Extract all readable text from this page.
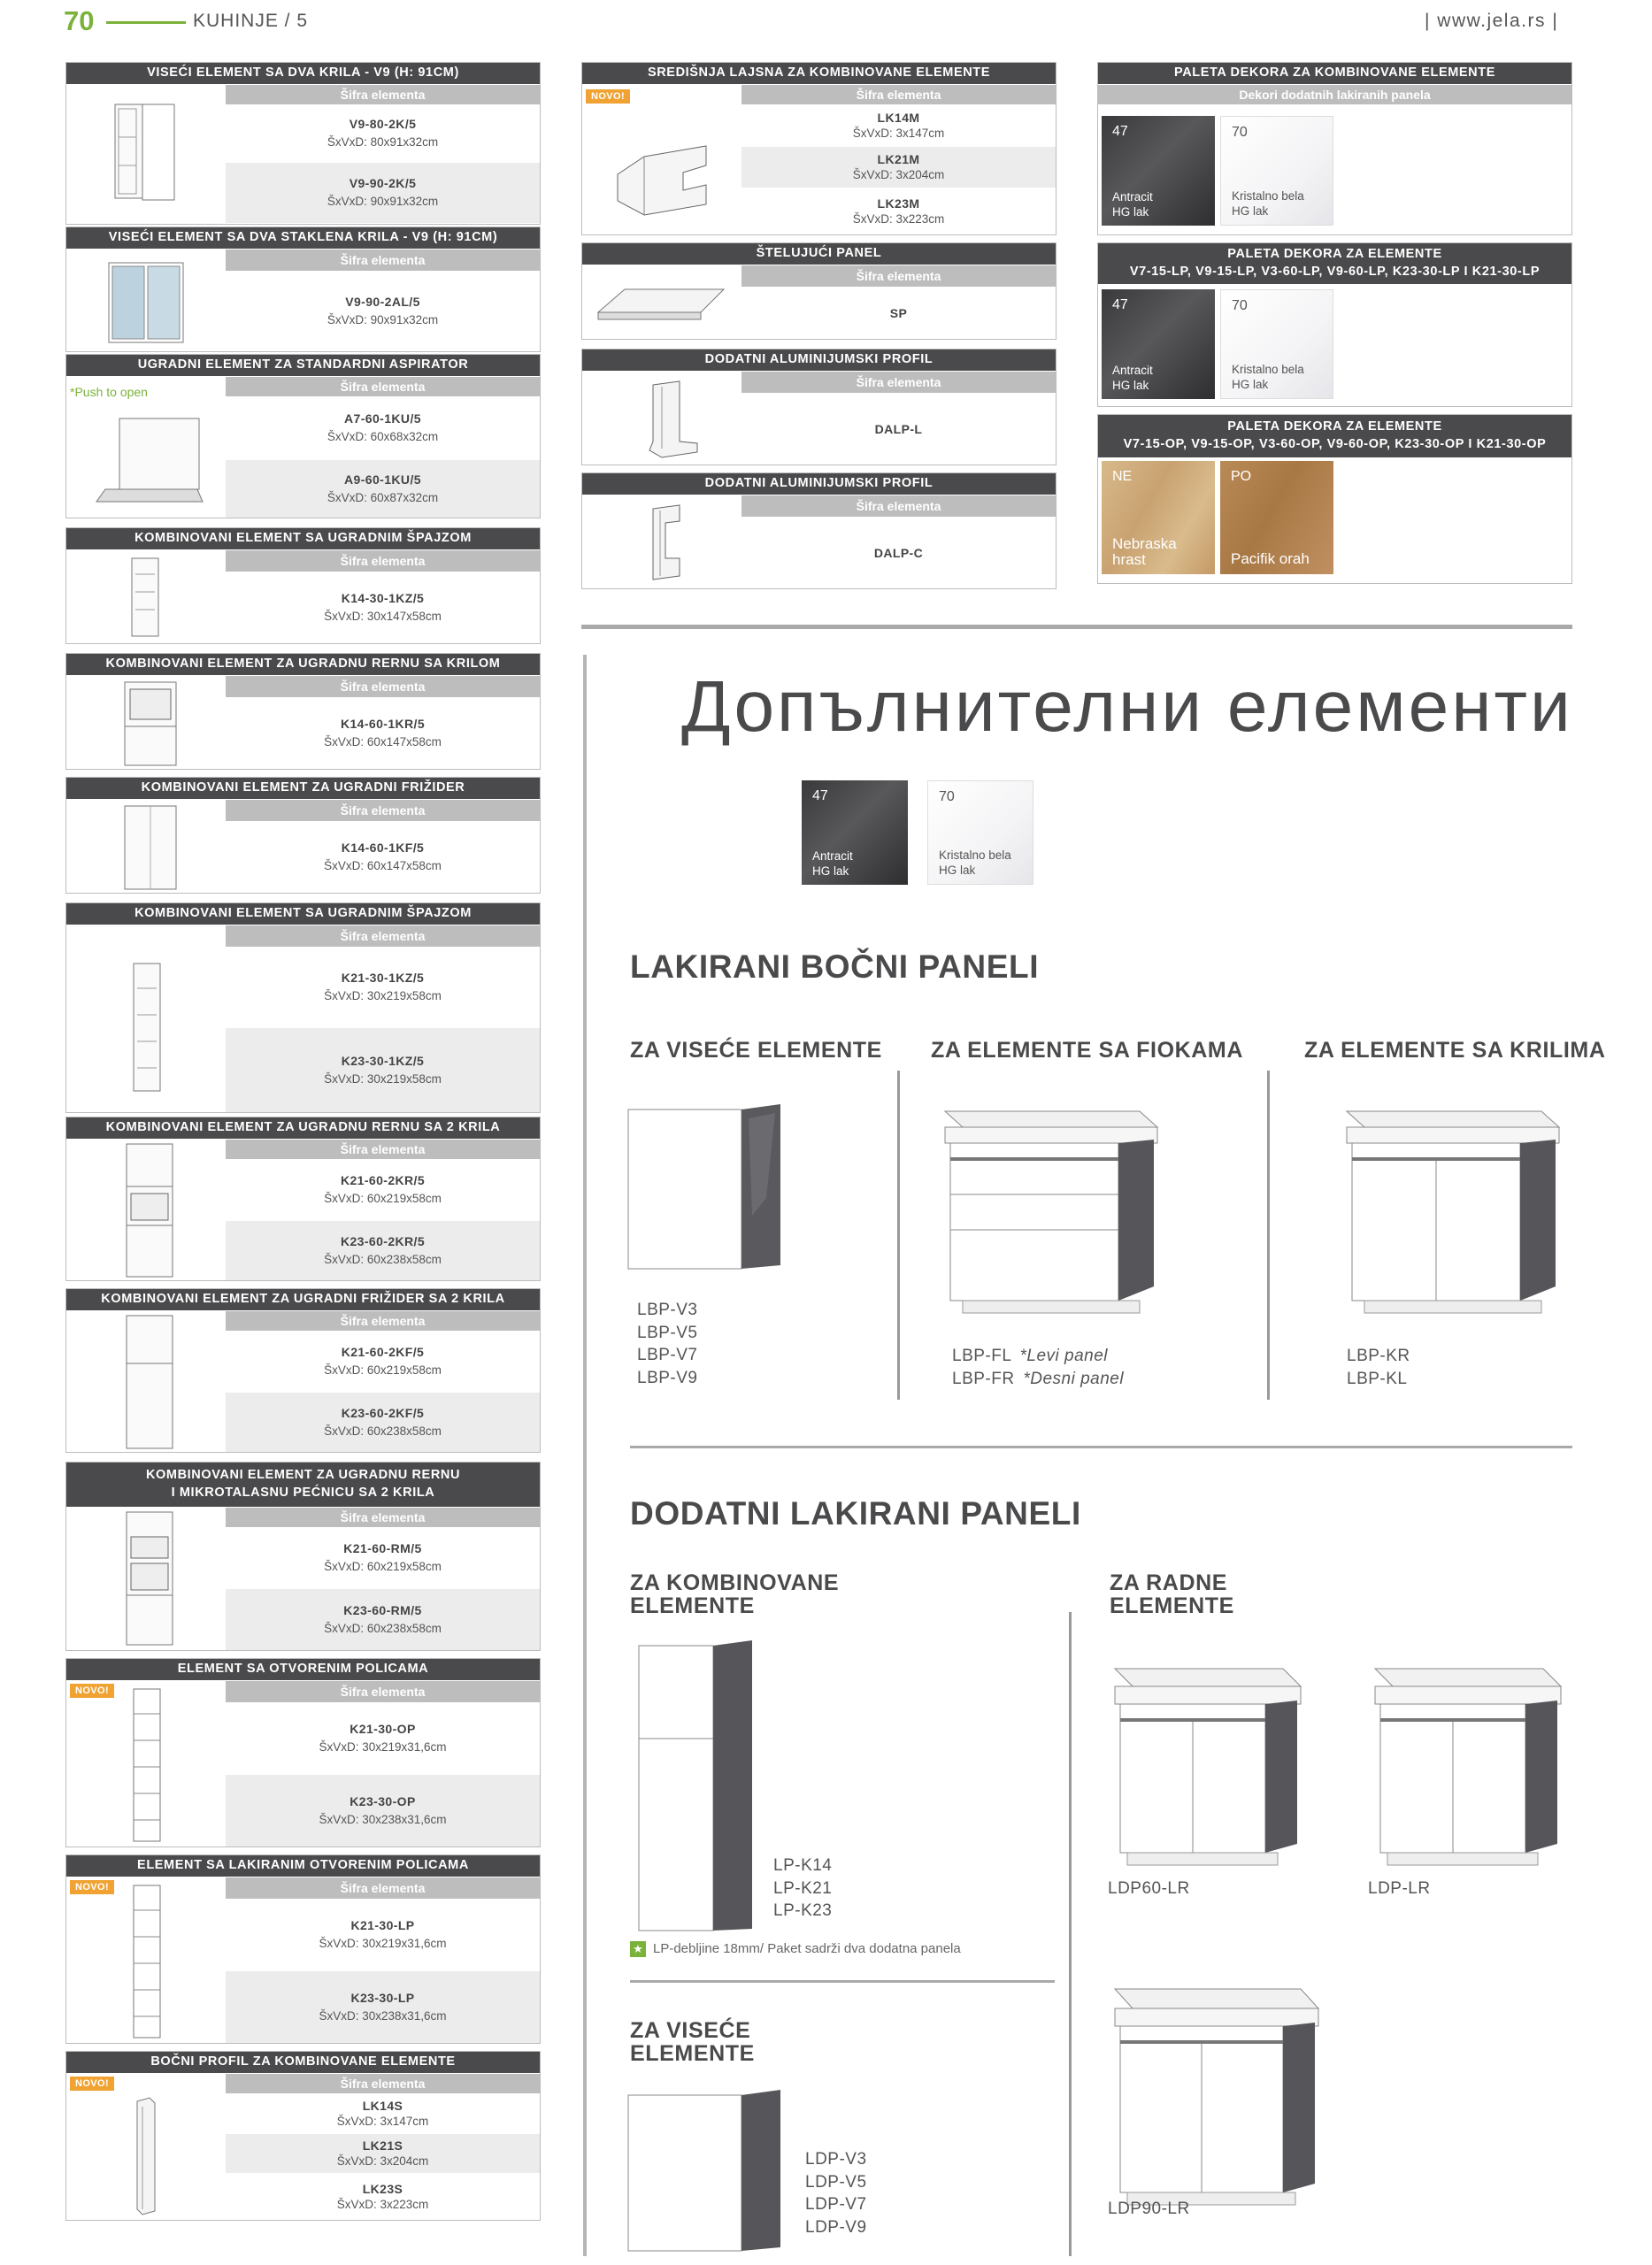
70	KUHINJE / 5	| www.jela.rs |
VISEĆI ELEMENT SA DVA KRILA - V9 (H: 91CM)
Šifra elementa
V9-80-2K/5
ŠxVxD: 80x91x32cm
V9-90-2K/5
ŠxVxD: 90x91x32cm
VISEĆI ELEMENT SA DVA STAKLENA KRILA - V9 (H: 91CM)
Šifra elementa
V9-90-2AL/5
ŠxVxD: 90x91x32cm
UGRADNI ELEMENT ZA STANDARDNI ASPIRATOR
*Push to open	Šifra elementa
A7-60-1KU/5
ŠxVxD: 60x68x32cm
A9-60-1KU/5
ŠxVxD: 60x87x32cm
KOMBINOVANI ELEMENT SA UGRADNIM ŠPAJZOM
Šifra elementa
K14-30-1KZ/5
ŠxVxD: 30x147x58cm
KOMBINOVANI ELEMENT ZA UGRADNU RERNU SA KRILOM
Šifra elementa
K14-60-1KR/5
ŠxVxD: 60x147x58cm
KOMBINOVANI ELEMENT ZA UGRADNI FRIŽIDER
Šifra elementa
K14-60-1KF/5
ŠxVxD: 60x147x58cm
KOMBINOVANI ELEMENT SA UGRADNIM ŠPAJZOM
Šifra elementa
K21-30-1KZ/5
ŠxVxD: 30x219x58cm
K23-30-1KZ/5
ŠxVxD: 30x219x58cm
KOMBINOVANI ELEMENT ZA UGRADNU RERNU SA 2 KRILA
Šifra elementa
K21-60-2KR/5
ŠxVxD: 60x219x58cm
K23-60-2KR/5
ŠxVxD: 60x238x58cm
KOMBINOVANI ELEMENT ZA UGRADNI FRIŽIDER SA 2 KRILA
Šifra elementa
K21-60-2KF/5
ŠxVxD: 60x219x58cm
K23-60-2KF/5
ŠxVxD: 60x238x58cm
KOMBINOVANI ELEMENT ZA UGRADNU RERNU
I MIKROTALASNU PEĆNICU SA 2 KRILA
Šifra elementa
K21-60-RM/5
ŠxVxD: 60x219x58cm
K23-60-RM/5
ŠxVxD: 60x238x58cm
ELEMENT SA OTVORENIM POLICAMA
NOVO!	Šifra elementa
K21-30-OP
ŠxVxD: 30x219x31,6cm
K23-30-OP
ŠxVxD: 30x238x31,6cm
ELEMENT SA LAKIRANIM OTVORENIM POLICAMA
NOVO!	Šifra elementa
K21-30-LP
ŠxVxD: 30x219x31,6cm
K23-30-LP
ŠxVxD: 30x238x31,6cm
BOČNI PROFIL ZA KOMBINOVANE ELEMENTE
NOVO!	Šifra elementa
LK14S
ŠxVxD: 3x147cm
LK21S
ŠxVxD: 3x204cm
LK23S
ŠxVxD: 3x223cm
SREDIŠNJA LAJSNA ZA KOMBINOVANE ELEMENTE
NOVO!	Šifra elementa
LK14M
ŠxVxD: 3x147cm
LK21M
ŠxVxD: 3x204cm
LK23M
ŠxVxD: 3x223cm
ŠTELUJUĆI PANEL
Šifra elementa
SP
DODATNI ALUMINIJUMSKI PROFIL
Šifra elementa
DALP-L
DODATNI ALUMINIJUMSKI PROFIL
Šifra elementa
DALP-C
PALETA DEKORA ZA KOMBINOVANE ELEMENTE
Dekori dodatnih lakiranih panela
47
Antracit
HG lak
70
Kristalno bela
HG lak
PALETA DEKORA ZA ELEMENTE
V7-15-LP, V9-15-LP, V3-60-LP, V9-60-LP, K23-30-LP I K21-30-LP
47
Antracit
HG lak
70
Kristalno bela
HG lak
PALETA DEKORA ZA ELEMENTE
V7-15-OP, V9-15-OP, V3-60-OP, V9-60-OP, K23-30-OP I K21-30-OP
NE
Nebraska
hrast
PO
Pacifik orah
Допълнителни елементи
47
Antracit
HG lak
70
Kristalno bela
HG lak
LAKIRANI BOČNI PANELI
ZA VISEĆE ELEMENTE ZA ELEMENTE SA FIOKAMA	ZA ELEMENTE SA KRILIMA
LBP-V3
LBP-V5
LBP-V7
LBP-V9
LBP-FL *Levi panel
LBP-FR *Desni panel
LBP-KR
LBP-KL
DODATNI LAKIRANI PANELI
ZA KOMBINOVANE
ELEMENTE
ZA RADNE
ELEMENTE
LP-K14
LP-K21
LP-K23
★ LP-debljine 18mm/ Paket sadrži dva dodatna panela
ZA VISEĆE
ELEMENTE
LDP-V3
LDP-V5
LDP-V7
LDP-V9
LDP60-LR	LDP-LR
LDP90-LR
